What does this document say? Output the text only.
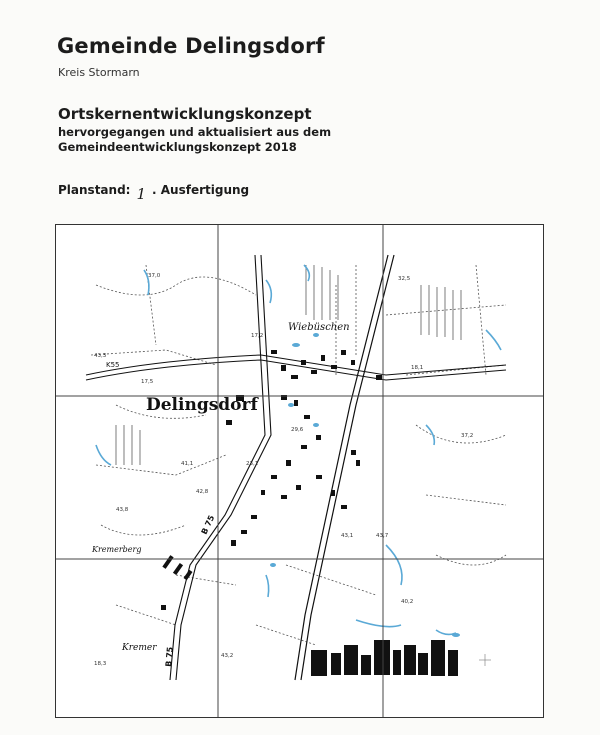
Gemeinde Delingsdorf
Kreis Stormarn
Ortskernentwicklungskonzept
hervorgegangen und aktualisiert aus dem
Gemeindeentwicklungskonzept 2018
Planstand: 1 . Ausfertigung
Delingsdorf
Wiebüschen
Kremerberg
Kremer
K55
B 75
B 75
37,0
43,3
17,5
17,2
41,1
42,8
43,8
23,1
29,6
43,1	43,7
40,2
18,3
43,2
18,1
37,2
32,5
